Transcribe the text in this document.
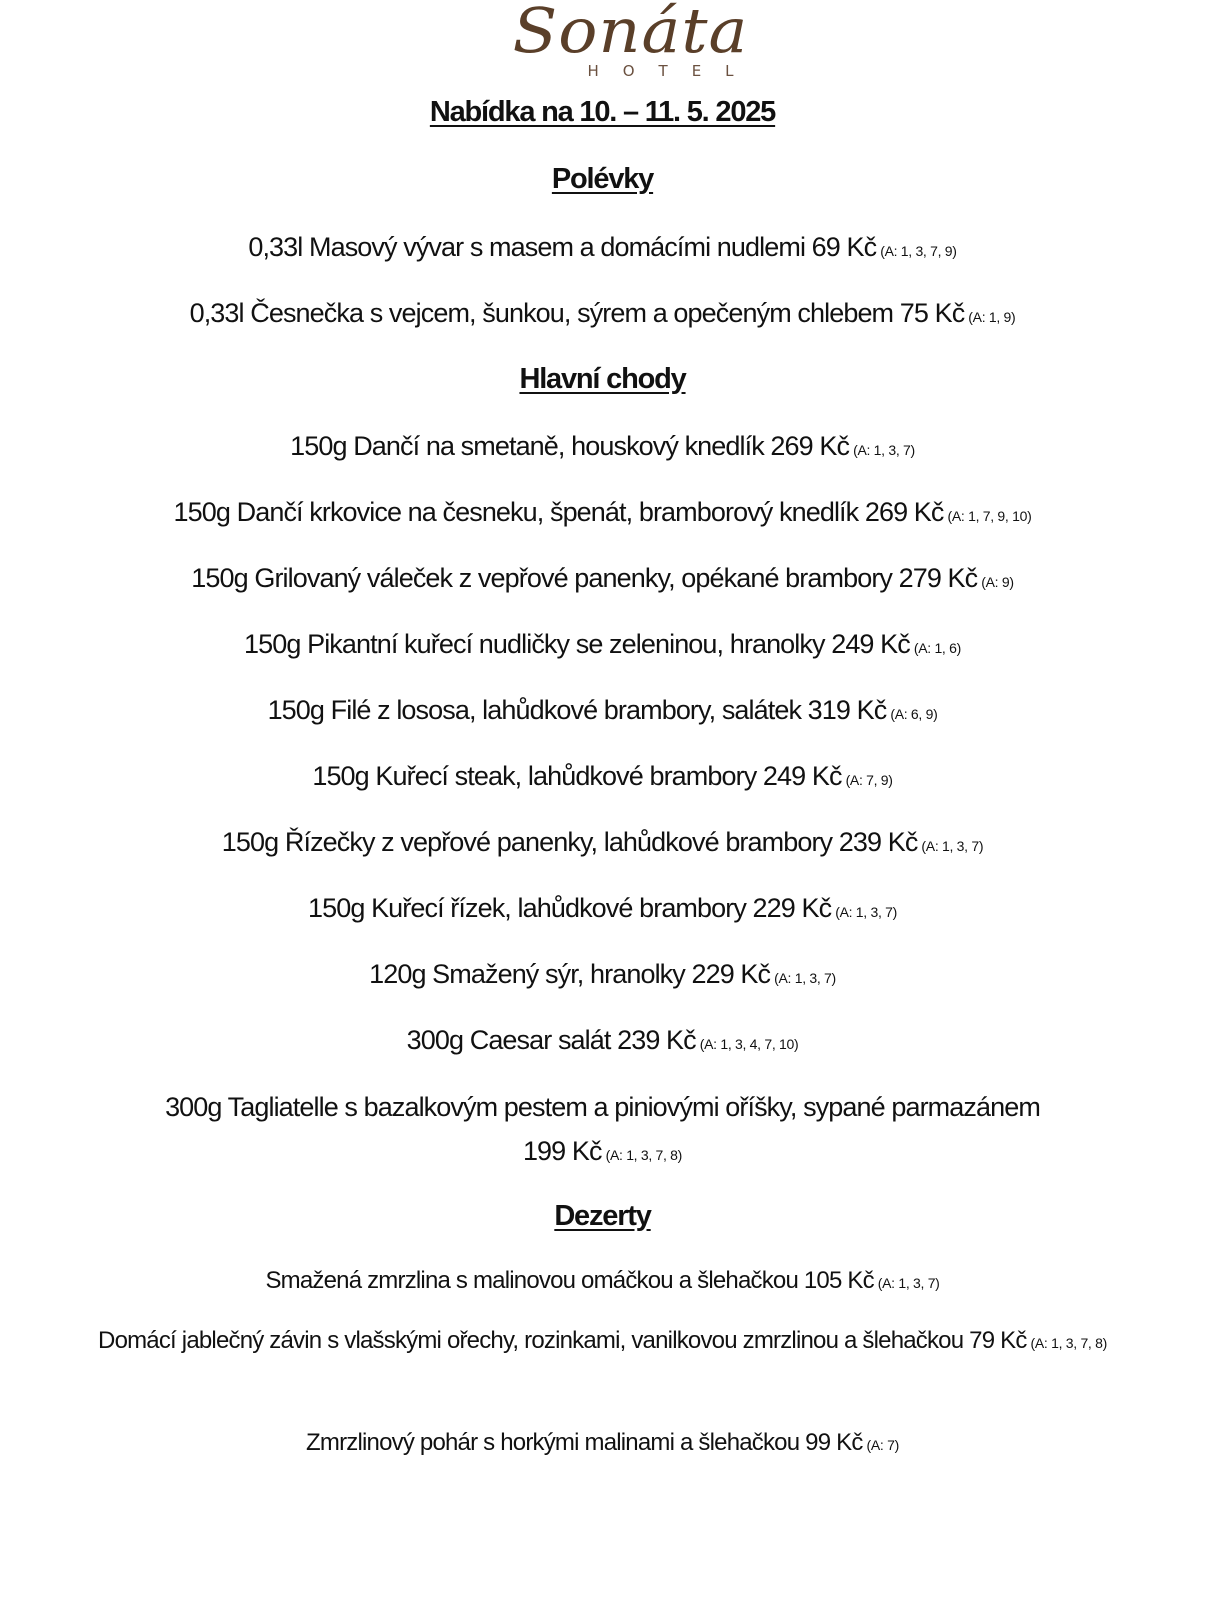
Sonáta
HOTEL
Nabídka na 10. – 11. 5. 2025
Polévky
0,33l Masový vývar s masem a domácími nudlemi 69 Kč (A: 1, 3, 7, 9)
0,33l Česnečka s vejcem, šunkou, sýrem a opečeným chlebem 75 Kč (A: 1, 9)
Hlavní chody
150g Dančí na smetaně, houskový knedlík 269 Kč (A: 1, 3, 7)
150g Dančí krkovice na česneku, špenát, bramborový knedlík 269 Kč (A: 1, 7, 9, 10)
150g Grilovaný váleček z vepřové panenky, opékané brambory 279 Kč (A: 9)
150g Pikantní kuřecí nudličky se zeleninou, hranolky 249 Kč (A: 1, 6)
150g Filé z lososa, lahůdkové brambory, salátek 319 Kč (A: 6, 9)
150g Kuřecí steak, lahůdkové brambory 249 Kč (A: 7, 9)
150g Řízečky z vepřové panenky, lahůdkové brambory 239 Kč (A: 1, 3, 7)
150g Kuřecí řízek, lahůdkové brambory 229 Kč (A: 1, 3, 7)
120g Smažený sýr, hranolky 229 Kč (A: 1, 3, 7)
300g Caesar salát 239 Kč (A: 1, 3, 4, 7, 10)
300g Tagliatelle s bazalkovým pestem a piniovými oříšky, sypané parmazánem 199 Kč (A: 1, 3, 7, 8)
Dezerty
Smažená zmrzlina s malinovou omáčkou a šlehačkou 105 Kč (A: 1, 3, 7)
Domácí jablečný závin s vlašskými ořechy, rozinkami, vanilkovou zmrzlinou a šlehačkou 79 Kč (A: 1, 3, 7, 8)
Zmrzlinový pohár s horkými malinami a šlehačkou 99 Kč (A: 7)
